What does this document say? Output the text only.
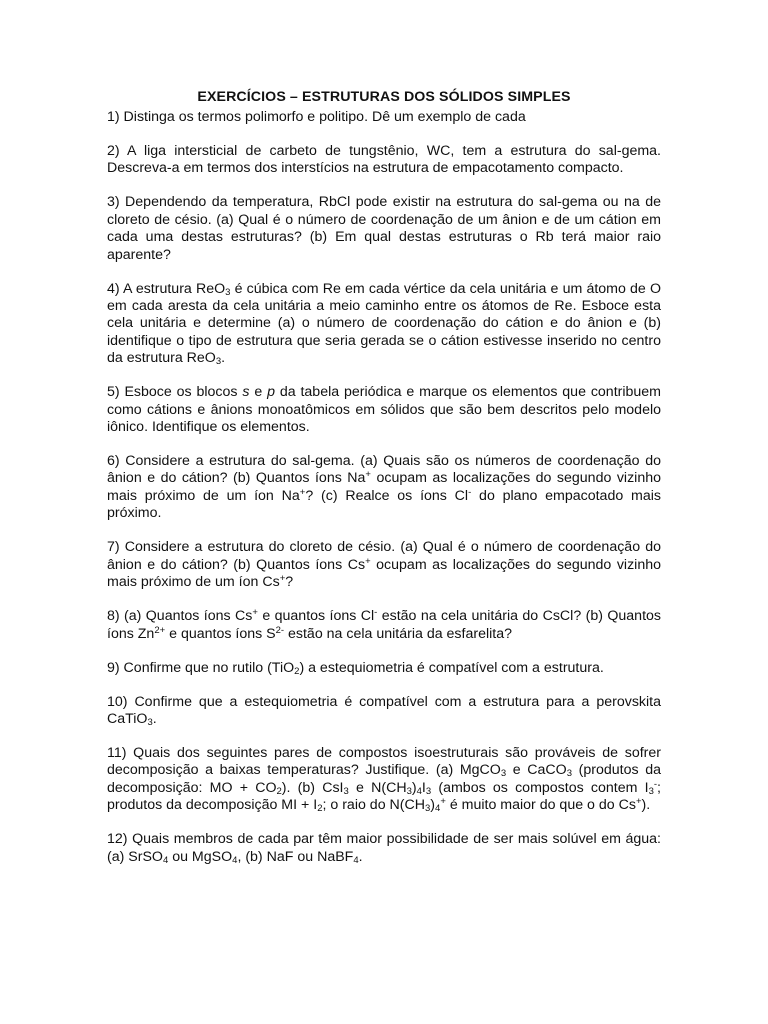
EXERCÍCIOS – ESTRUTURAS DOS SÓLIDOS SIMPLES

1) Distinga os termos polimorfo e politipo. Dê um exemplo de cada

2) A liga intersticial de carbeto de tungstênio, WC, tem a estrutura do sal-gema. Descreva-a em termos dos interstícios na estrutura de empacotamento compacto.

3) Dependendo da temperatura, RbCl pode existir na estrutura do sal-gema ou na de cloreto de césio. (a) Qual é o número de coordenação de um ânion e de um cátion em cada uma destas estruturas? (b) Em qual destas estruturas o Rb terá maior raio aparente?

4) A estrutura ReO$_3$ é cúbica com Re em cada vértice da cela unitária e um átomo de O em cada aresta da cela unitária a meio caminho entre os átomos de Re. Esboce esta cela unitária e determine (a) o número de coordenação do cátion e do ânion e (b) identifique o tipo de estrutura que seria gerada se o cátion estivesse inserido no centro da estrutura ReO$_3$.

5) Esboce os blocos s e p da tabela periódica e marque os elementos que contribuem como cátions e ânions monoatômicos em sólidos que são bem descritos pelo modelo iônico. Identifique os elementos.

6) Considere a estrutura do sal-gema. (a) Quais são os números de coordenação do ânion e do cátion? (b) Quantos íons Na+ ocupam as localizações do segundo vizinho mais próximo de um íon Na+? (c) Realce os íons Cl- do plano empacotado mais próximo.

7) Considere a estrutura do cloreto de césio. (a) Qual é o número de coordenação do ânion e do cátion? (b) Quantos íons Cs+ ocupam as localizações do segundo vizinho mais próximo de um íon Cs+?

8) (a) Quantos íons Cs+ e quantos íons Cl- estão na cela unitária do CsCl? (b) Quantos íons $Zn^{2+}$ e quantos íons $S^{2-}$ estão na cela unitária da esfarelita?

9) Confirme que no rutilo (TiO$_2$) a estequiometria é compatível com a estrutura.

10) Confirme que a estequiometria é compatível com a estrutura para a perovskita CaTiO$_3$.

11) Quais dos seguintes pares de compostos isoestruturais são prováveis de sofrer decomposição a baixas temperaturas? Justifique. (a) MgCO$_3$ e CaCO$_3$ (produtos da decomposição: MO + $CO_2$). (b) CsI$_3$ e $N(CH_3)_4I_3$ (ambos os compostos contem $I_3^-$; produtos da decomposição MI + $I_2$; o raio do $N(CH_3)_4^+$ é muito maior do que o do Cs+).

12) Quais membros de cada par têm maior possibilidade de ser mais solúvel em água: (a) SrSO$_4$ ou MgSO$_4$, (b) NaF ou NaBF$_4$.
